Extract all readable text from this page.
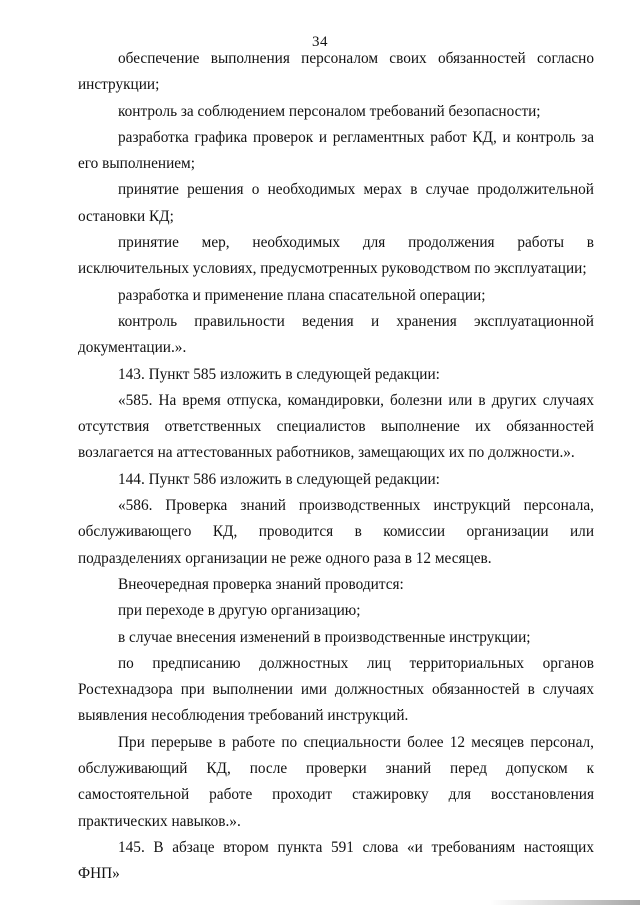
34

обеспечение выполнения персоналом своих обязанностей согласно инструкции;

контроль за соблюдением персоналом требований безопасности;

разработка графика проверок и регламентных работ КД, и контроль за его выполнением;

принятие решения о необходимых мерах в случае продолжительной остановки КД;

принятие мер, необходимых для продолжения работы в исключительных условиях, предусмотренных руководством по эксплуатации;

разработка и применение плана спасательной операции;

контроль правильности ведения и хранения эксплуатационной документации.».

143. Пункт 585 изложить в следующей редакции:

«585. На время отпуска, командировки, болезни или в других случаях отсутствия ответственных специалистов выполнение их обязанностей возлагается на аттестованных работников, замещающих их по должности.».

144. Пункт 586 изложить в следующей редакции:

«586. Проверка знаний производственных инструкций персонала, обслуживающего КД, проводится в комиссии организации или подразделениях организации не реже одного раза в 12 месяцев.

Внеочередная проверка знаний проводится:

при переходе в другую организацию;

в случае внесения изменений в производственные инструкции;

по предписанию должностных лиц территориальных органов Ростехнадзора при выполнении ими должностных обязанностей в случаях выявления несоблюдения требований инструкций.

При перерыве в работе по специальности более 12 месяцев персонал, обслуживающий КД, после проверки знаний перед допуском к самостоятельной работе проходит стажировку для восстановления практических навыков.».

145. В абзаце втором пункта 591 слова «и требованиям настоящих ФНП»
